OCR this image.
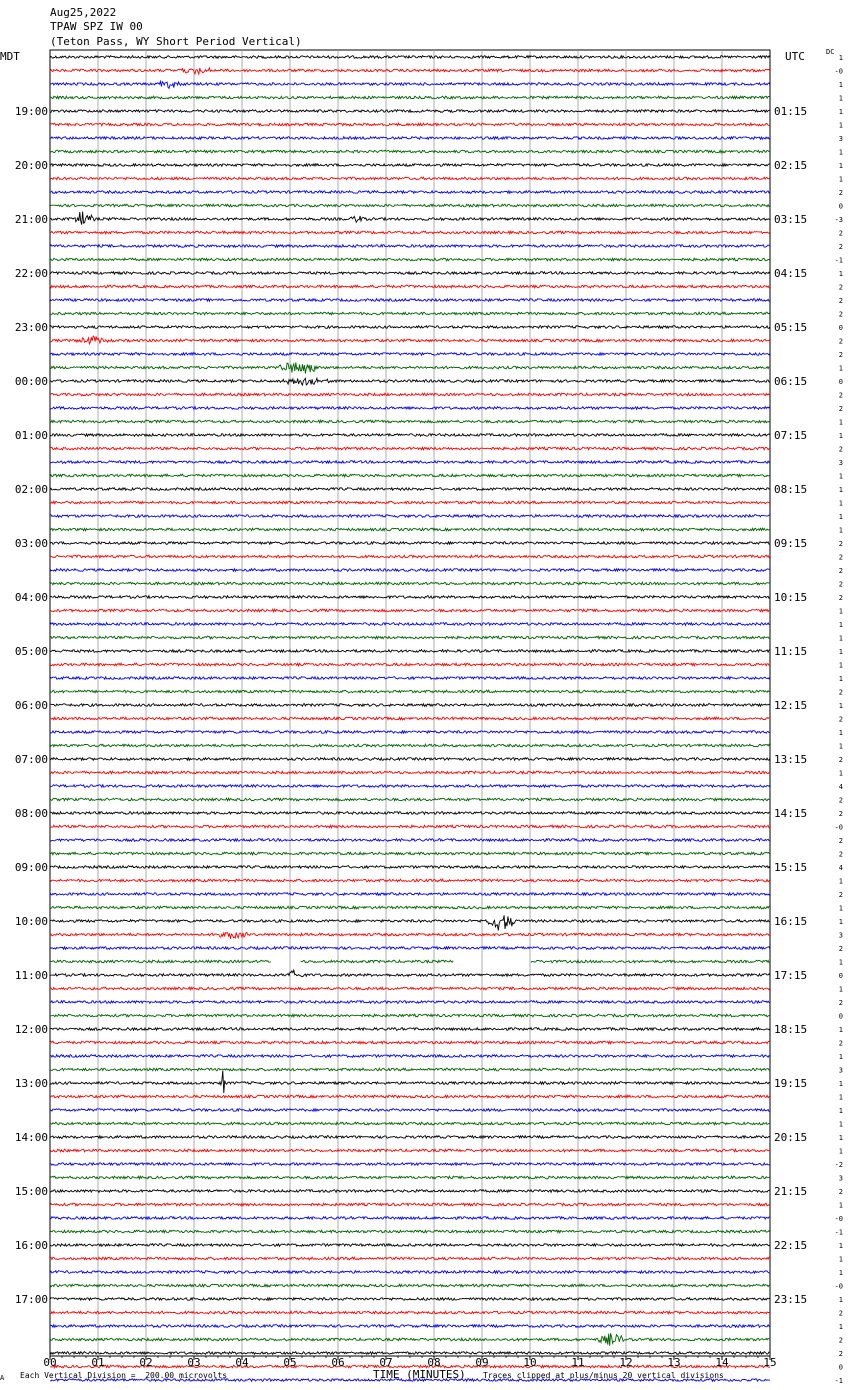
Aug25,2022
TPAW SPZ IW 00
(Teton Pass, WY Short Period Vertical)
MDT	UTC	DC
19:00
20:00
21:00
22:00
23:00
00:00
01:00
02:00
03:00
04:00
05:00
06:00
07:00
08:00
09:00
10:00
11:00
12:00
13:00
14:00
15:00
16:00
17:00
01:15
02:15
03:15
04:15
05:15
06:15
07:15
08:15
09:15
10:15
11:15
12:15
13:15
14:15
15:15
16:15
17:15
18:15
19:15
20:15
21:15
22:15
23:15
1
-0
1
1
1
1
3
1
1
1
2
0
-3
2
2
-1
1
2
2
2
0
2
2
1
0
2
2
1
1
2
3
1
1
1
1
1
2
2
2
2
2
1
1
1
1
1
1
2
1
2
1
1
2
1
4
2
2
-0
2
2
4
1
2
1
1
3
2
1
0
1
2
0
1
2
1
3
1
1
1
1
1
1
-2
3
2
1
-0
-1
1
1
1
-0
1
2
1
2
2
0
-1
00	01	02	03	04	05	06	07	08	09	10	11	12	13	14	15
A Each Vertical Division =  200.00 microvolts	TIME (MINUTES) Traces clipped at plus/minus 20 vertical divisions
